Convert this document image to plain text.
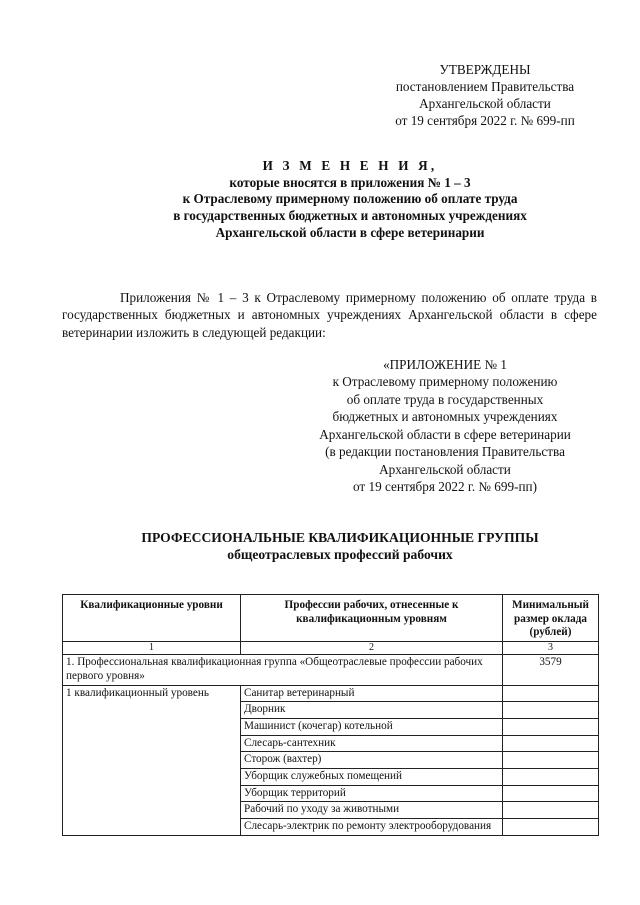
УТВЕРЖДЕНЫ
постановлением Правительства
Архангельской области
от 19 сентября 2022 г. № 699-пп
И З М Е Н Е Н И Я,
которые вносятся в приложения № 1 – 3
к Отраслевому примерному положению об оплате труда
в государственных бюджетных и автономных учреждениях
Архангельской области в сфере ветеринарии

Приложения № 1 – 3 к Отраслевому примерному положению об оплате труда в государственных бюджетных и автономных учреждениях Архангельской области в сфере ветеринарии изложить в следующей редакции:

«ПРИЛОЖЕНИЕ № 1
к Отраслевому примерному положению
об оплате труда в государственных
бюджетных и автономных учреждениях
Архангельской области в сфере ветеринарии
(в редакции постановления Правительства
Архангельской области
от 19 сентября 2022 г. № 699-пп)
ПРОФЕССИОНАЛЬНЫЕ КВАЛИФИКАЦИОННЫЕ ГРУППЫ
общеотраслевых профессий рабочих
Квалификационные уровни	Профессии рабочих, отнесенные к квалификационным уровням	Минимальный размер оклада (рублей)
1	2	3
1. Профессиональная квалификационная группа «Общеотраслевые профессии рабочих первого уровня»		3579
1 квалификационный уровень	Санитар ветеринарный	
	Дворник	
	Машинист (кочегар) котельной	
	Слесарь-сантехник	
	Сторож (вахтер)	
	Уборщик служебных помещений	
	Уборщик территорий	
	Рабочий по уходу за животными	
	Слесарь-электрик по ремонту электрооборудования	
